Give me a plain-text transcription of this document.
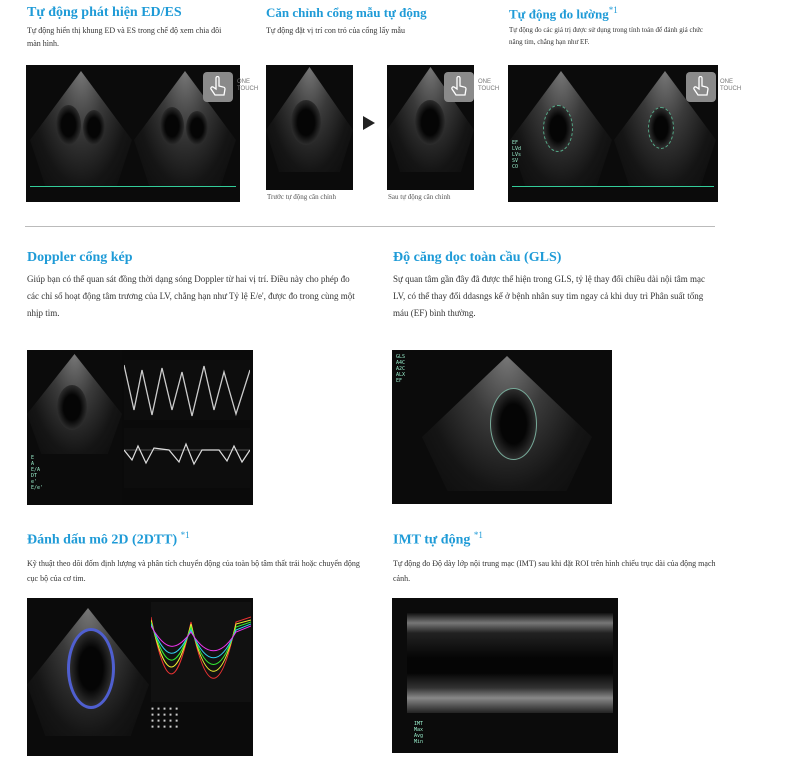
Tự động phát hiện ED/ES
Tự động hiển thị khung ED và ES trong chế độ xem chia đôi màn hình.
ONE TOUCH
Căn chỉnh cổng mẫu tự động
Tự động đặt vị trí con trỏ của cổng lấy mẫu
Trước tự động căn chỉnh
ONE TOUCH
Sau tự động căn chỉnh
Tự động đo lường$^{*1}$
Tự động đo các giá trị được sử dụng trong tính toán để đánh giá chức năng tim, chẳng hạn như EF.
EF
LVd
LVs
SV
CO
ONE TOUCH
Doppler cổng kép
Giúp bạn có thể quan sát đồng thời dạng sóng Doppler từ hai vị trí. Điều này cho phép đo các chỉ số hoạt động tâm trương của LV, chẳng hạn như Tỷ lệ E/e', được đo trong cùng một nhịp tim.
E
A
E/A
DT
e'
E/e'
Độ căng dọc toàn cầu (GLS)
Sự quan tâm gần đây đã được thể hiện trong GLS, tỷ lệ thay đổi chiều dài nội tâm mạc LV, có thể thay đổi ddasngs kể ở bệnh nhân suy tim ngay cả khi duy trì Phân suất tống máu (EF) bình thường.
GLS
A4C
A2C
ALX
EF
Đánh dấu mô 2D (2DTT) $^{*1}$
Kỹ thuật theo dõi đốm định lượng và phân tích chuyển động của toàn bộ tâm thất trái hoặc chuyển động cục bộ của cơ tim.
▪ ▪ ▪ ▪ ▪
▪ ▪ ▪ ▪ ▪
▪ ▪ ▪ ▪ ▪
▪ ▪ ▪ ▪ ▪
IMT tự động $^{*1}$
Tự động đo Độ dày lớp nội trung mạc (IMT) sau khi đặt ROI trên hình chiếu trục dài của động mạch cảnh.
IMT
Max
Avg
Min
